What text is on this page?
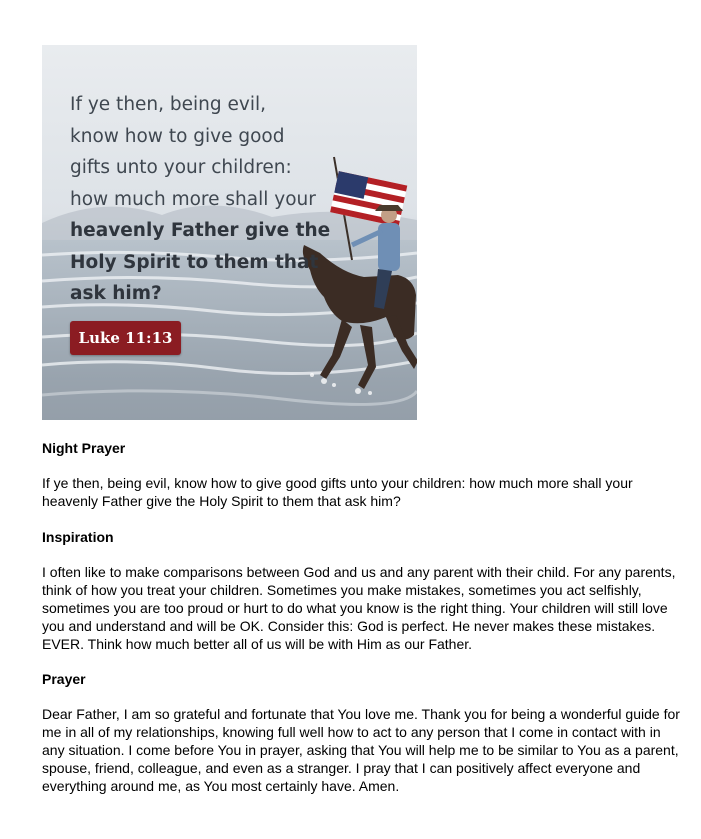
If ye then, being evil,
know how to give good
gifts unto your children:
how much more shall your
heavenly Father give the
Holy Spirit to them that
ask him?
Luke 11:13
Night Prayer
If ye then, being evil, know how to give good gifts unto your children: how much more shall your
heavenly Father give the Holy Spirit to them that ask him?
Inspiration
I often like to make comparisons between God and us and any parent with their child. For any parents,
think of how you treat your children. Sometimes you make mistakes, sometimes you act selfishly,
sometimes you are too proud or hurt to do what you know is the right thing. Your children will still love
you and understand and will be OK. Consider this: God is perfect. He never makes these mistakes.
EVER. Think how much better all of us will be with Him as our Father.
Prayer
Dear Father, I am so grateful and fortunate that You love me. Thank you for being a wonderful guide for
me in all of my relationships, knowing full well how to act to any person that I come in contact with in
any situation. I come before You in prayer, asking that You will help me to be similar to You as a parent,
spouse, friend, colleague, and even as a stranger. I pray that I can positively affect everyone and
everything around me, as You most certainly have. Amen.
